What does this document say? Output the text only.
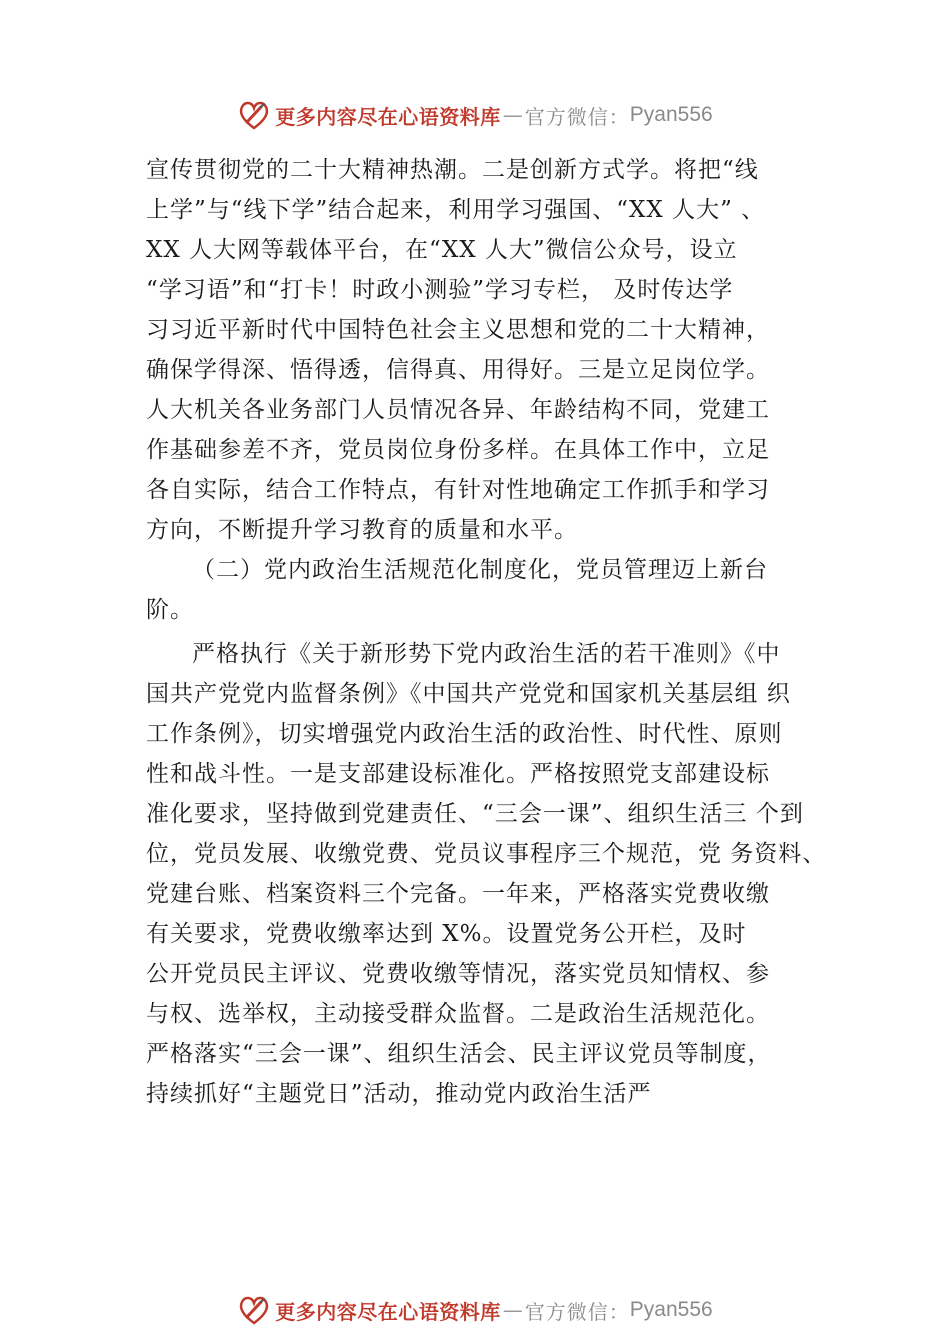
更多内容尽在心语资料库 — 官方微信： Pyan556
宣传贯彻党的二十大精神热潮。二是创新方式学。将把“线
上学”与“线下学”结合起来，利用学习强国、“XX 人大” 、
XX 人大网等载体平台，在“XX 人大”微信公众号，设立
“学习语”和“打卡！时政小测验”学习专栏， 及时传达学
习习近平新时代中国特色社会主义思想和党的二十大精神，
确保学得深、悟得透，信得真、用得好。三是立足岗位学。
人大机关各业务部门人员情况各异、年龄结构不同，党建工
作基础参差不齐，党员岗位身份多样。在具体工作中，立足
各自实际，结合工作特点，有针对性地确定工作抓手和学习
方向，不断提升学习教育的质量和水平。
（二）党内政治生活规范化制度化，党员管理迈上新台
阶。
严格执行《关于新形势下党内政治生活的若干准则》《中
国共产党党内监督条例》《中国共产党党和国家机关基层组 织
工作条例》，切实增强党内政治生活的政治性、时代性、原则
性和战斗性。一是支部建设标准化。严格按照党支部建设标
准化要求，坚持做到党建责任、“三会一课”、组织生活三 个到
位，党员发展、收缴党费、党员议事程序三个规范，党 务资料、
党建台账、档案资料三个完备。一年来，严格落实党费收缴
有关要求，党费收缴率达到 X%。设置党务公开栏，及时
公开党员民主评议、党费收缴等情况，落实党员知情权、参
与权、选举权，主动接受群众监督。二是政治生活规范化。
严格落实“三会一课”、组织生活会、民主评议党员等制度，
持续抓好“主题党日”活动，推动党内政治生活严
更多内容尽在心语资料库 — 官方微信： Pyan556
